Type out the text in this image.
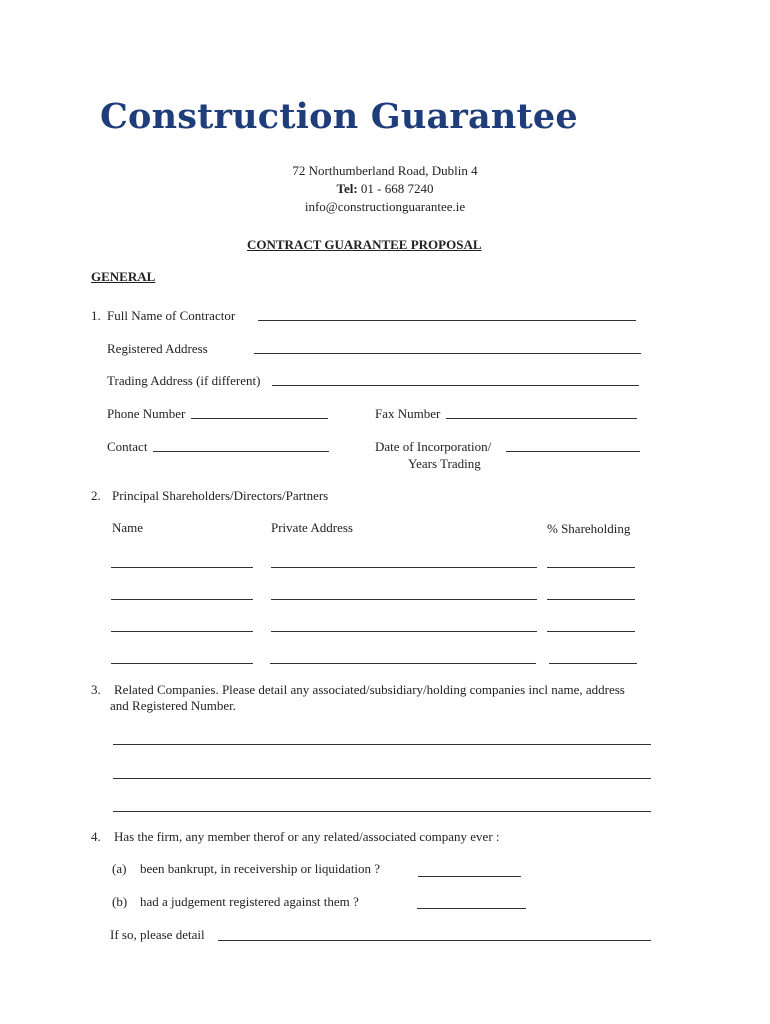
Construction Guarantee
72 Northumberland Road, Dublin 4
Tel: 01 - 668 7240
info@constructionguarantee.ie
CONTRACT GUARANTEE PROPOSAL
GENERAL
1. Full Name of Contractor
Registered Address
Trading Address (if different)
Phone Number	Fax Number
Contact	Date of Incorporation/
Years Trading
2. Principal Shareholders/Directors/Partners
Name	Private Address	% Shareholding
3. Related Companies. Please detail any associated/subsidiary/holding companies incl name, address
and Registered Number.
4. Has the firm, any member therof or any related/associated company ever :
(a) been bankrupt, in receivership or liquidation ?
(b) had a judgement registered against them ?
If so, please detail
